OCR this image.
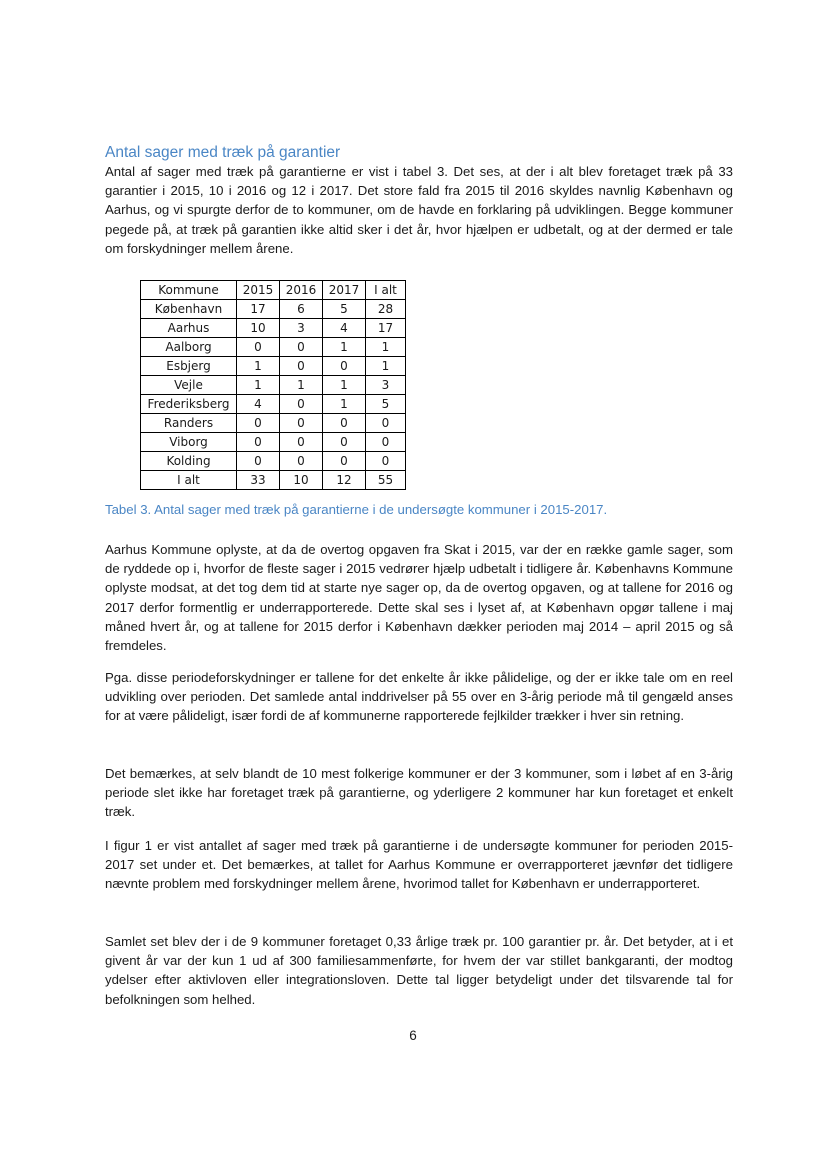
Antal sager med træk på garantier

Antal af sager med træk på garantierne er vist i tabel 3. Det ses, at der i alt blev foretaget træk på 33 garantier i 2015, 10 i 2016 og 12 i 2017. Det store fald fra 2015 til 2016 skyldes navnlig København og Aarhus, og vi spurgte derfor de to kommuner, om de havde en forklaring på udviklingen. Begge kommuner pegede på, at træk på garantien ikke altid sker i det år, hvor hjælpen er udbetalt, og at der dermed er tale om forskydninger mellem årene.

Kommune	2015	2016	2017	I alt
København	17	6	5	28
Aarhus	10	3	4	17
Aalborg	0	0	1	1
Esbjerg	1	0	0	1
Vejle	1	1	1	3
Frederiksberg	4	0	1	5
Randers	0	0	0	0
Viborg	0	0	0	0
Kolding	0	0	0	0
I alt	33	10	12	55

Tabel 3. Antal sager med træk på garantierne i de undersøgte kommuner i 2015-2017.

Aarhus Kommune oplyste, at da de overtog opgaven fra Skat i 2015, var der en række gamle sager, som de ryddede op i, hvorfor de fleste sager i 2015 vedrører hjælp udbetalt i tidligere år. Københavns Kommune oplyste modsat, at det tog dem tid at starte nye sager op, da de overtog opgaven, og at tallene for 2016 og 2017 derfor formentlig er underrapporterede. Dette skal ses i lyset af, at København opgør tallene i maj måned hvert år, og at tallene for 2015 derfor i København dækker perioden maj 2014 – april 2015 og så fremdeles.

Pga. disse periodeforskydninger er tallene for det enkelte år ikke pålidelige, og der er ikke tale om en reel udvikling over perioden. Det samlede antal inddrivelser på 55 over en 3-årig periode må til gengæld anses for at være pålideligt, især fordi de af kommunerne rapporterede fejlkilder trækker i hver sin retning.

Det bemærkes, at selv blandt de 10 mest folkerige kommuner er der 3 kommuner, som i løbet af en 3-årig periode slet ikke har foretaget træk på garantierne, og yderligere 2 kommuner har kun foretaget et enkelt træk.

I figur 1 er vist antallet af sager med træk på garantierne i de undersøgte kommuner for perioden 2015-2017 set under et. Det bemærkes, at tallet for Aarhus Kommune er overrapporteret jævnfør det tidligere nævnte problem med forskydninger mellem årene, hvorimod tallet for København er underrapporteret.

Samlet set blev der i de 9 kommuner foretaget 0,33 årlige træk pr. 100 garantier pr. år. Det betyder, at i et givent år var der kun 1 ud af 300 familiesammenførte, for hvem der var stillet bankgaranti, der modtog ydelser efter aktivloven eller integrationsloven. Dette tal ligger betydeligt under det tilsvarende tal for befolkningen som helhed.

6
